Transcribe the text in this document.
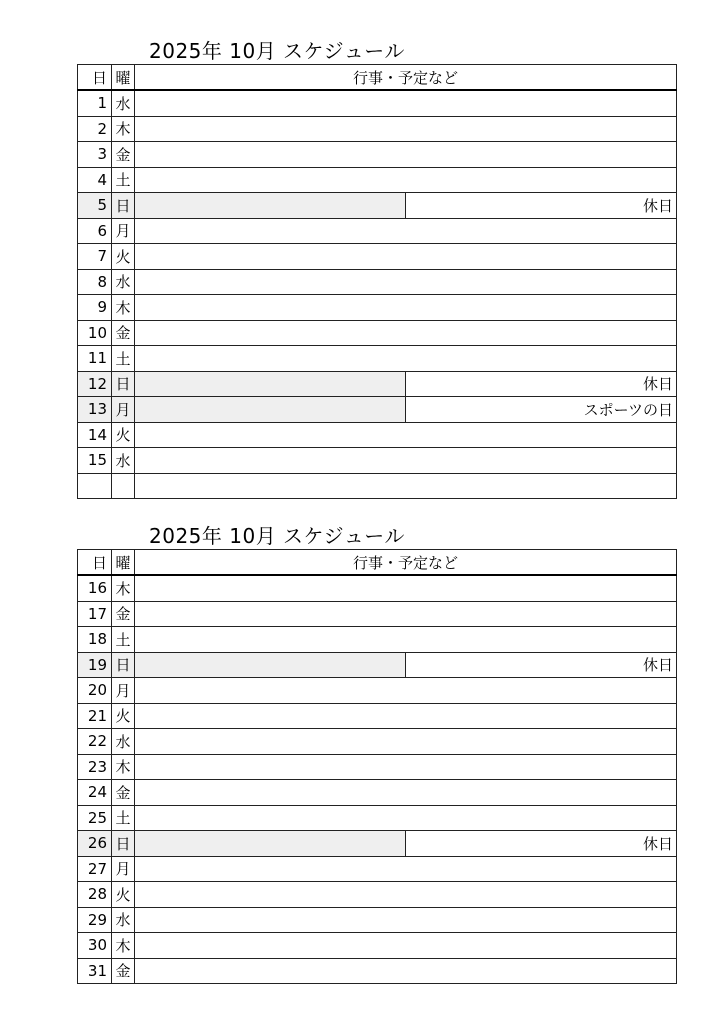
2025年 10月 スケジュール
日	曜	行事・予定など	
1	水		
2	木		
3	金		
4	土		
5	日		休日
6	月		
7	火		
8	水		
9	木		
10	金		
11	土		
12	日		休日
13	月		スポーツの日
14	火		
15	水		

2025年 10月 スケジュール
日	曜	行事・予定など	
16	木		
17	金		
18	土		
19	日		休日
20	月		
21	火		
22	水		
23	木		
24	金		
25	土		
26	日		休日
27	月		
28	火		
29	水		
30	木		
31	金		
